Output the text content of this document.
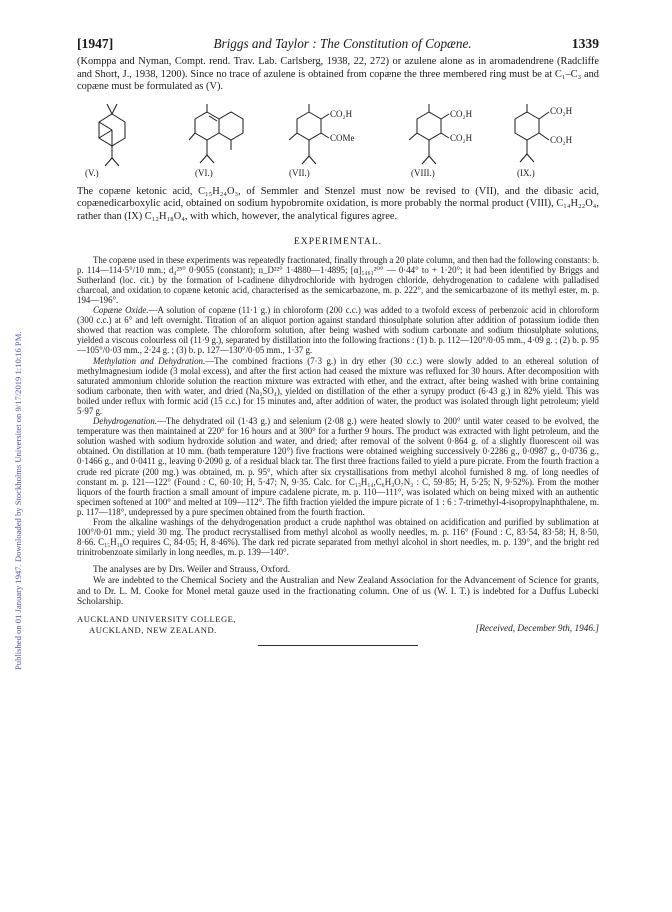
Published on 01 January 1947. Downloaded by Stockholms Universitet on 9/17/2019 1:10:16 PM.
[1947]	Briggs and Taylor : The Constitution of Copæne.	1339

(Komppa and Nyman, Compt. rend. Trav. Lab. Carlsberg, 1938, 22, 272) or azulene alone as in aromadendrene (Radcliffe and Short, J., 1938, 1200). Since no trace of azulene is obtained from copæne the three membered ring must be at C₁–C₃ and copæne must be formulated as (V).

CO₂H
COMe
CO₂H
CO₂H
CO₂H
CO₂H
(V.)	(VI.)	(VII.)	(VIII.)	(IX.)

The copæne ketonic acid, C₁₅H₂₄O₃, of Semmler and Stenzel must now be revised to (VII), and the dibasic acid, copænedicarboxylic acid, obtained on sodium hypobromite oxidation, is more probably the normal product (VIII), C₁₄H₂₂O₄, rather than (IX) C₁₂H₁₈O₄, with which, however, the analytical figures agree.

EXPERIMENTAL.

The copæne used in these experiments was repeatedly fractionated, finally through a 20 plate column, and then had the following constants: b. p. 114—114·5°/10 mm.; d₄²⁵° 0·9055 (constant); n_D²²° 1·4880—1·4895; [α]₅₄₆₁²⁰° — 0·44° to + 1·20°; it had been identified by Briggs and Sutherland (loc. cit.) by the formation of l-cadinene dihydrochloride with hydrogen chloride, dehydrogenation to cadalene with palladised charcoal, and oxidation to copæne ketonic acid, characterised as the semicarbazone, m. p. 222°, and the semicarbazone of its methyl ester, m. p. 194—196°.

Copæne Oxide.—A solution of copæne (11·1 g.) in chloroform (200 c.c.) was added to a twofold excess of perbenzoic acid in chloroform (300 c.c.) at 6° and left overnight. Titration of an aliquot portion against standard thiosulphate solution after addition of potassium iodide then showed that reaction was complete. The chloroform solution, after being washed with sodium carbonate and sodium thiosulphate solutions, yielded a viscous colourless oil (11·9 g.), separated by distillation into the following fractions : (1) b. p. 112—120°/0·05 mm., 4·09 g. ; (2) b. p. 95—105°/0·03 mm., 2·24 g. ; (3) b. p. 127—130°/0·05 mm., 1·37 g.

Methylation and Dehydration.—The combined fractions (7·3 g.) in dry ether (30 c.c.) were slowly added to an ethereal solution of methylmagnesium iodide (3 molal excess), and after the first action had ceased the mixture was refluxed for 30 hours. After decomposition with saturated ammonium chloride solution the reaction mixture was extracted with ether, and the extract, after being washed with brine containing sodium carbonate, then with water, and dried (Na₂SO₄), yielded on distillation of the ether a syrupy product (6·43 g.) in 82% yield. This was boiled under reflux with formic acid (15 c.c.) for 15 minutes and, after addition of water, the product was isolated through light petroleum; yield 5·97 g.

Dehydrogenation.—The dehydrated oil (1·43 g.) and selenium (2·08 g.) were heated slowly to 200° until water ceased to be evolved, the temperature was then maintained at 220° for 16 hours and at 300° for a further 9 hours. The product was extracted with light petroleum, and the solution washed with sodium hydroxide solution and water, and dried; after removal of the solvent 0·864 g. of a slightly fluorescent oil was obtained. On distillation at 10 mm. (bath temperature 120°) five fractions were obtained weighing successively 0·2286 g., 0·0987 g., 0·0736 g., 0·1466 g., and 0·0411 g., leaving 0·2090 g. of a residual black tar. The first three fractions failed to yield a pure picrate. From the fourth fraction a crude red picrate (200 mg.) was obtained, m. p. 95°, which after six crystallisations from methyl alcohol furnished 8 mg. of long needles of constant m. p. 121—122° (Found : C, 60·10; H, 5·47; N, 9·35. Calc. for C₁₃H₁₄,C₆H₃O₇N₃ : C, 59·85; H, 5·25; N, 9·52%). From the mother liquors of the fourth fraction a small amount of impure cadalene picrate, m. p. 110—111°, was isolated which on being mixed with an authentic specimen softened at 100° and melted at 109—112°. The fifth fraction yielded the impure picrate of 1 : 6 : 7-trimethyl-4-isopropylnaphthalene, m. p. 117—118°, undepressed by a pure specimen obtained from the fourth fraction.

From the alkaline washings of the dehydrogenation product a crude naphthol was obtained on acidification and purified by sublimation at 100°/0·01 mm.; yield 30 mg. The product recrystallised from methyl alcohol as woolly needles, m. p. 116° (Found : C, 83·54, 83·58; H, 8·50, 8·66. C₁₅H₁₈O requires C, 84·05; H, 8·46%). The dark red picrate separated from methyl alcohol in short needles, m. p. 139°, and the bright red trinitrobenzoate similarly in long needles, m. p. 139—140°.

The analyses are by Drs. Weiler and Strauss, Oxford.

We are indebted to the Chemical Society and the Australian and New Zealand Association for the Advancement of Science for grants, and to Dr. L. M. Cooke for Monel metal gauze used in the fractionating column. One of us (W. I. T.) is indebted for a Duffus Lubecki Scholarship.

AUCKLAND UNIVERSITY COLLEGE,
AUCKLAND, NEW ZEALAND.	[Received, December 9th, 1946.]
